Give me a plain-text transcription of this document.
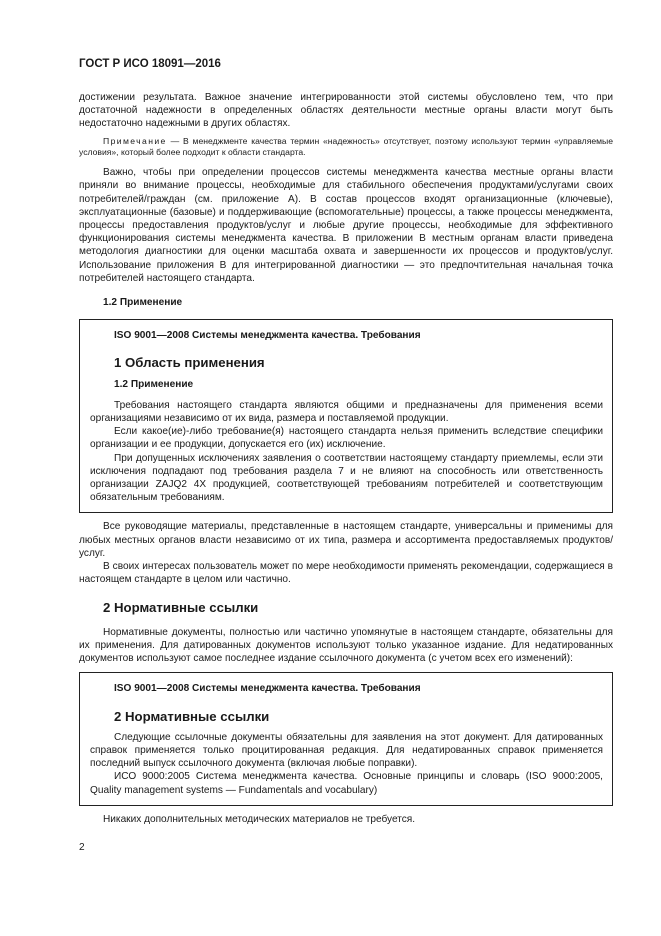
ГОСТ Р ИСО 18091—2016

достижении результата. Важное значение интегрированности этой системы обусловлено тем, что при достаточной надежности в определенных областях деятельности местные органы власти могут быть недостаточно надежными в других областях.

Примечание — В менеджменте качества термин «надежность» отсутствует, поэтому используют термин «управляемые условия», который более подходит к области стандарта.

Важно, чтобы при определении процессов системы менеджмента качества местные органы власти приняли во внимание процессы, необходимые для стабильного обеспечения продуктами/услугами своих потребителей/граждан (см. приложение А). В состав процессов входят организационные (ключевые), эксплуатационные (базовые) и поддерживающие (вспомогательные) процессы, а также процессы менеджмента, процессы предоставления продуктов/услуг и любые другие процессы, необходимые для эффективного функционирования системы менеджмента качества. В приложении В местным органам власти приведена методология диагностики для оценки масштаба охвата и завершенности их процессов и продуктов/услуг. Использование приложения В для интегрированной диагностики — это предпочтительная начальная точка потребителей настоящего стандарта.

1.2 Применение
ISO 9001—2008 Системы менеджмента качества. Требования
1 Область применения
1.2 Применение

Требования настоящего стандарта являются общими и предназначены для применения всеми организациями независимо от их вида, размера и поставляемой продукции.

Если какое(ие)-либо требование(я) настоящего стандарта нельзя применить вследствие специфики организации и ее продукции, допускается его (их) исключение.

При допущенных исключениях заявления о соответствии настоящему стандарту приемлемы, если эти исключения подпадают под требования раздела 7 и не влияют на способность или ответственность организации ZAJQ2 4X продукцией, соответствующей требованиям потребителей и соответствующим обязательным требованиям.

Все руководящие материалы, представленные в настоящем стандарте, универсальны и применимы для любых местных органов власти независимо от их типа, размера и ассортимента предоставляемых продуктов/услуг.

В своих интересах пользователь может по мере необходимости применять рекомендации, содержащиеся в настоящем стандарте в целом или частично.

2 Нормативные ссылки

Нормативные документы, полностью или частично упомянутые в настоящем стандарте, обязательны для их применения. Для датированных документов используют только указанное издание. Для недатированных документов используют самое последнее издание ссылочного документа (с учетом всех его изменений):

ISO 9001—2008 Системы менеджмента качества. Требования
2 Нормативные ссылки

Следующие ссылочные документы обязательны для заявления на этот документ. Для датированных справок применяется только процитированная редакция. Для недатированных справок применяется последний выпуск ссылочного документа (включая любые поправки).

ИСО 9000:2005 Система менеджмента качества. Основные принципы и словарь (ISO 9000:2005, Quality management systems — Fundamentals and vocabulary)

Никаких дополнительных методических материалов не требуется.

2
